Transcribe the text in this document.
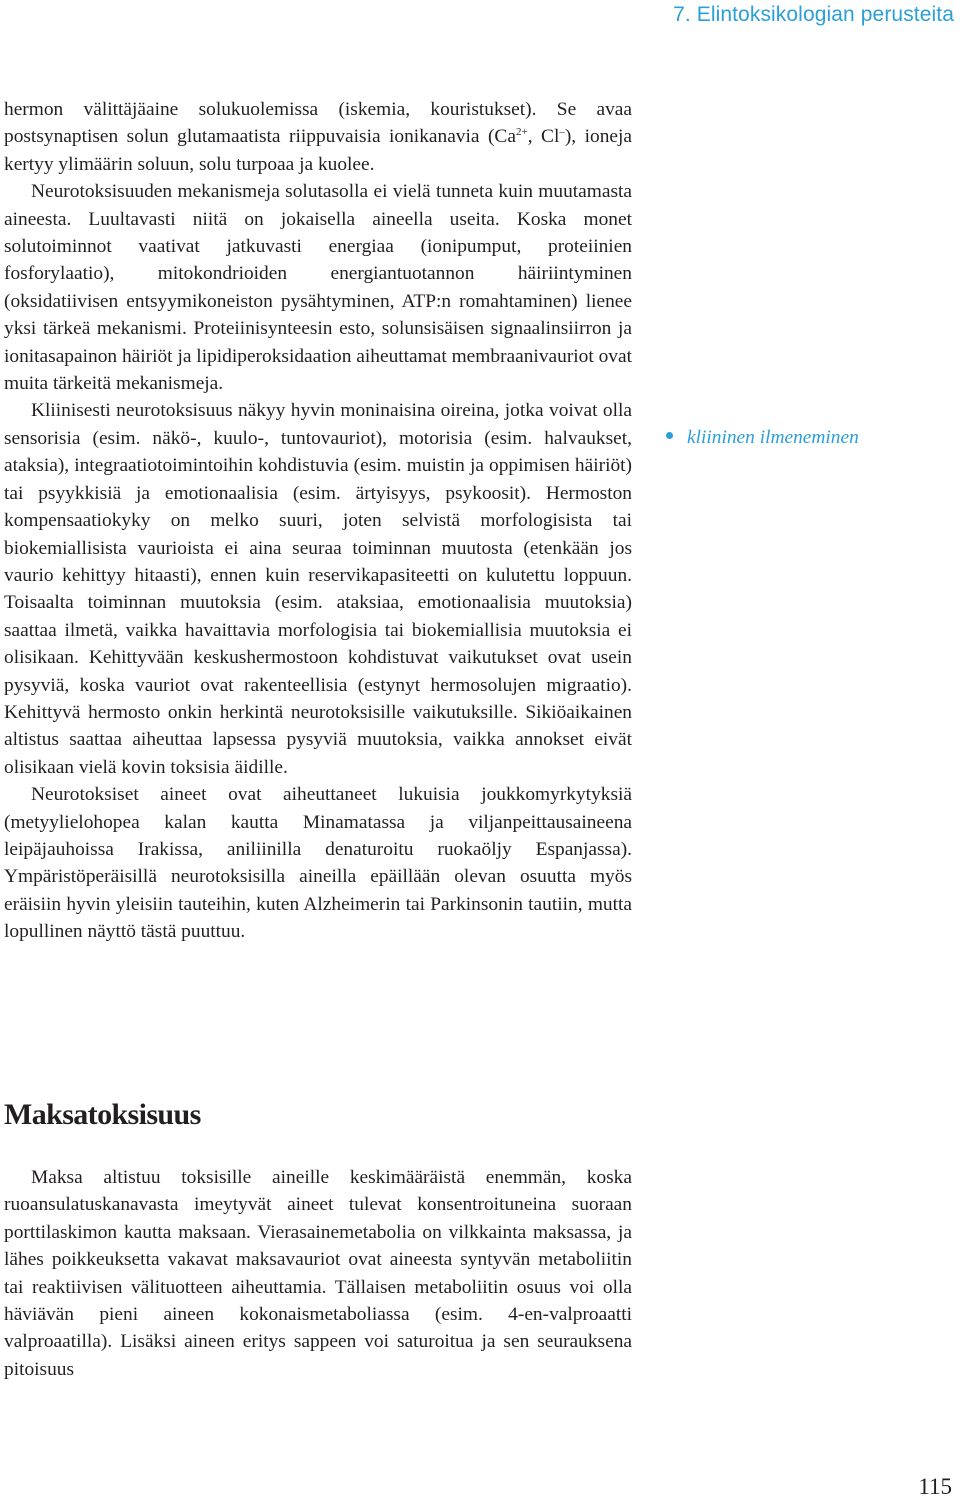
7. Elintoksikologian perusteita

hermon välittäjäaine solukuolemissa (iskemia, kouristukset). Se avaa postsynaptisen solun glutamaatista riippuvaisia ionikanavia ($Ca^{2+}$, Cl–), ioneja kertyy ylimäärin soluun, solu turpoaa ja kuolee.

Neurotoksisuuden mekanismeja solutasolla ei vielä tunneta kuin muutamasta aineesta. Luultavasti niitä on jokaisella aineella useita. Koska monet solutoiminnot vaativat jatkuvasti energiaa (ionipumput, proteiinien fosforylaatio), mitokondrioiden energiantuotannon häiriintyminen (oksidatiivisen entsyymikoneiston pysähtyminen, ATP:n romahtaminen) lienee yksi tärkeä mekanismi. Proteiinisynteesin esto, solunsisäisen signaalinsiirron ja ionitasapainon häiriöt ja lipidiperoksidaation aiheuttamat membraanivauriot ovat muita tärkeitä mekanismeja.

Kliinisesti neurotoksisuus näkyy hyvin moninaisina oireina, jotka voivat olla sensorisia (esim. näkö-, kuulo-, tuntovauriot), motorisia (esim. halvaukset, ataksia), integraatiotoimintoihin kohdistuvia (esim. muistin ja oppimisen häiriöt) tai psyykkisiä ja emotionaalisia (esim. ärtyisyys, psykoosit). Hermoston kompensaatiokyky on melko suuri, joten selvistä morfologisista tai biokemiallisista vaurioista ei aina seuraa toiminnan muutosta (etenkään jos vaurio kehittyy hitaasti), ennen kuin reservikapasiteetti on kulutettu loppuun. Toisaalta toiminnan muutoksia (esim. ataksiaa, emotionaalisia muutoksia) saattaa ilmetä, vaikka havaittavia morfologisia tai biokemiallisia muutoksia ei olisikaan. Kehittyvään keskushermostoon kohdistuvat vaikutukset ovat usein pysyviä, koska vauriot ovat rakenteellisia (estynyt hermosolujen migraatio). Kehittyvä hermosto onkin herkintä neurotoksisille vaikutuksille. Sikiöaikainen altistus saattaa aiheuttaa lapsessa pysyviä muutoksia, vaikka annokset eivät olisikaan vielä kovin toksisia äidille.

Neurotoksiset aineet ovat aiheuttaneet lukuisia joukkomyrkytyksiä (metyylielohopea kalan kautta Minamatassa ja viljanpeittausaineena leipäjauhoissa Irakissa, aniliinilla denaturoitu ruokaöljy Espanjassa). Ympäristöperäisillä neurotoksisilla aineilla epäillään olevan osuutta myös eräisiin hyvin yleisiin tauteihin, kuten Alzheimerin tai Parkinsonin tautiin, mutta lopullinen näyttö tästä puuttuu.

kliininen ilmeneminen
Maksatoksisuus

Maksa altistuu toksisille aineille keskimääräistä enemmän, koska ruoansulatuskanavasta imeytyvät aineet tulevat konsentroituneina suoraan porttilaskimon kautta maksaan. Vierasainemetabolia on vilkkainta maksassa, ja lähes poikkeuksetta vakavat maksavauriot ovat aineesta syntyvän metaboliitin tai reaktiivisen välituotteen aiheuttamia. Tällaisen metaboliitin osuus voi olla häviävän pieni aineen kokonaismetaboliassa (esim. 4-en-valproaatti valproaatilla). Lisäksi aineen eritys sappeen voi saturoitua ja sen seurauksena pitoisuus

115
